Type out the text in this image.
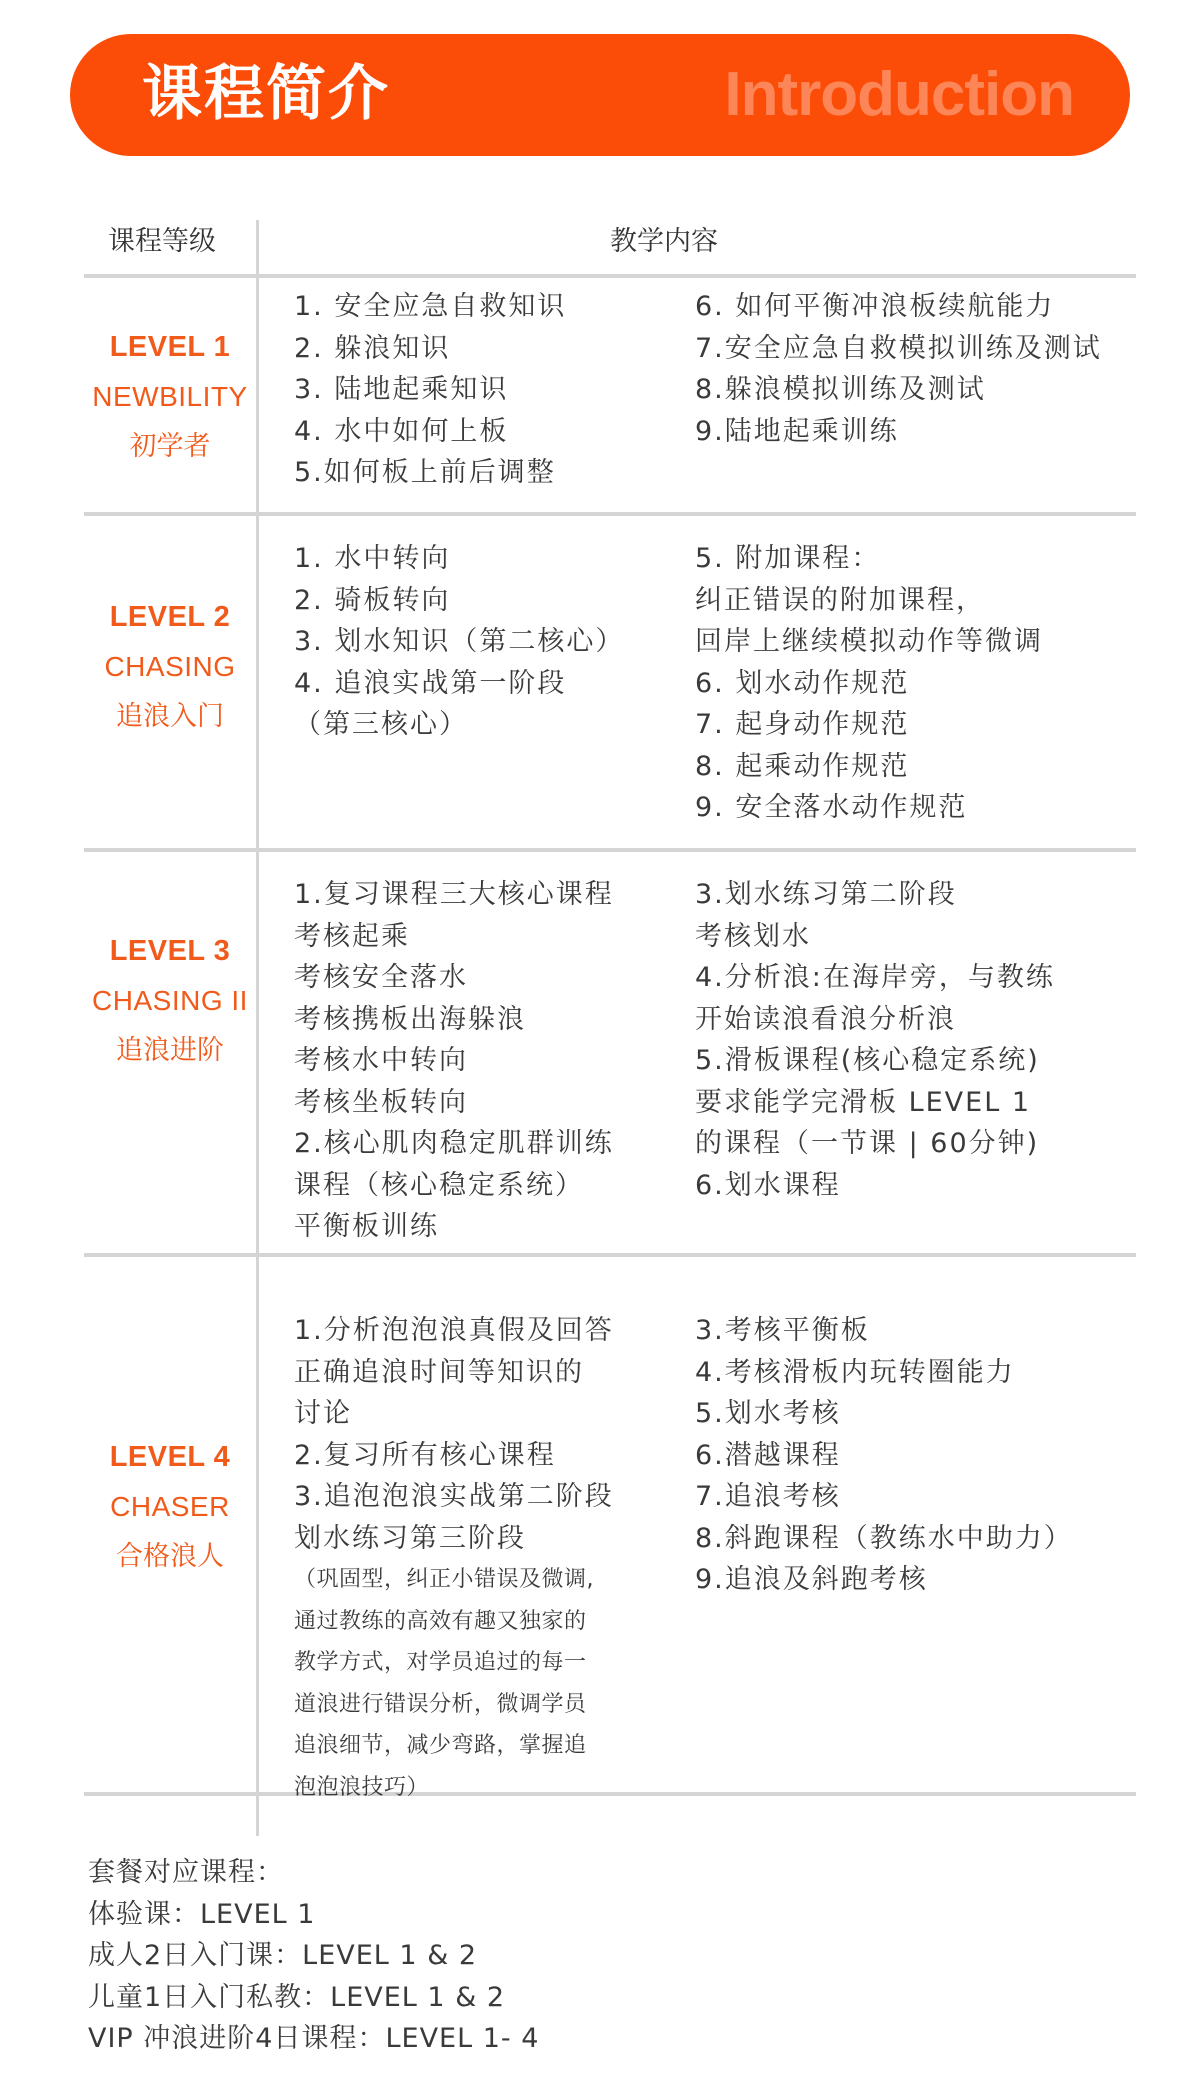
课程简介	Introduction
课程等级	教学内容
LEVEL 1
NEWBILITY
初学者
1. 安全应急自救知识
2. 躲浪知识
3. 陆地起乘知识
4. 水中如何上板
5.如何板上前后调整
6. 如何平衡冲浪板续航能力
7.安全应急自救模拟训练及测试
8.躲浪模拟训练及测试
9.陆地起乘训练
LEVEL 2
CHASING
追浪入门
1. 水中转向
2. 骑板转向
3. 划水知识（第二核心）
4. 追浪实战第一阶段
（第三核心）
5. 附加课程：
纠正错误的附加课程，
回岸上继续模拟动作等微调
6. 划水动作规范
7. 起身动作规范
8. 起乘动作规范
9. 安全落水动作规范
LEVEL 3
CHASING II
追浪进阶
1.复习课程三大核心课程
考核起乘
考核安全落水
考核携板出海躲浪
考核水中转向
考核坐板转向
2.核心肌肉稳定肌群训练
课程（核心稳定系统）
平衡板训练
3.划水练习第二阶段
考核划水
4.分析浪:在海岸旁，与教练
开始读浪看浪分析浪
5.滑板课程(核心稳定系统)
要求能学完滑板 LEVEL 1
的课程（一节课 | 60分钟)
6.划水课程
LEVEL 4
CHASER
合格浪人
1.分析泡泡浪真假及回答
正确追浪时间等知识的
讨论
2.复习所有核心课程
3.追泡泡浪实战第二阶段
划水练习第三阶段
（巩固型，纠正小错误及微调,
通过教练的高效有趣又独家的
教学方式，对学员追过的每一
道浪进行错误分析，微调学员
追浪细节，减少弯路，掌握追
泡泡浪技巧）
3.考核平衡板
4.考核滑板内玩转圈能力
5.划水考核
6.潜越课程
7.追浪考核
8.斜跑课程（教练水中助力）
9.追浪及斜跑考核
套餐对应课程：
体验课：LEVEL 1
成人2日入门课：LEVEL 1 & 2
儿童1日入门私教：LEVEL 1 & 2
VIP 冲浪进阶4日课程：LEVEL 1- 4
